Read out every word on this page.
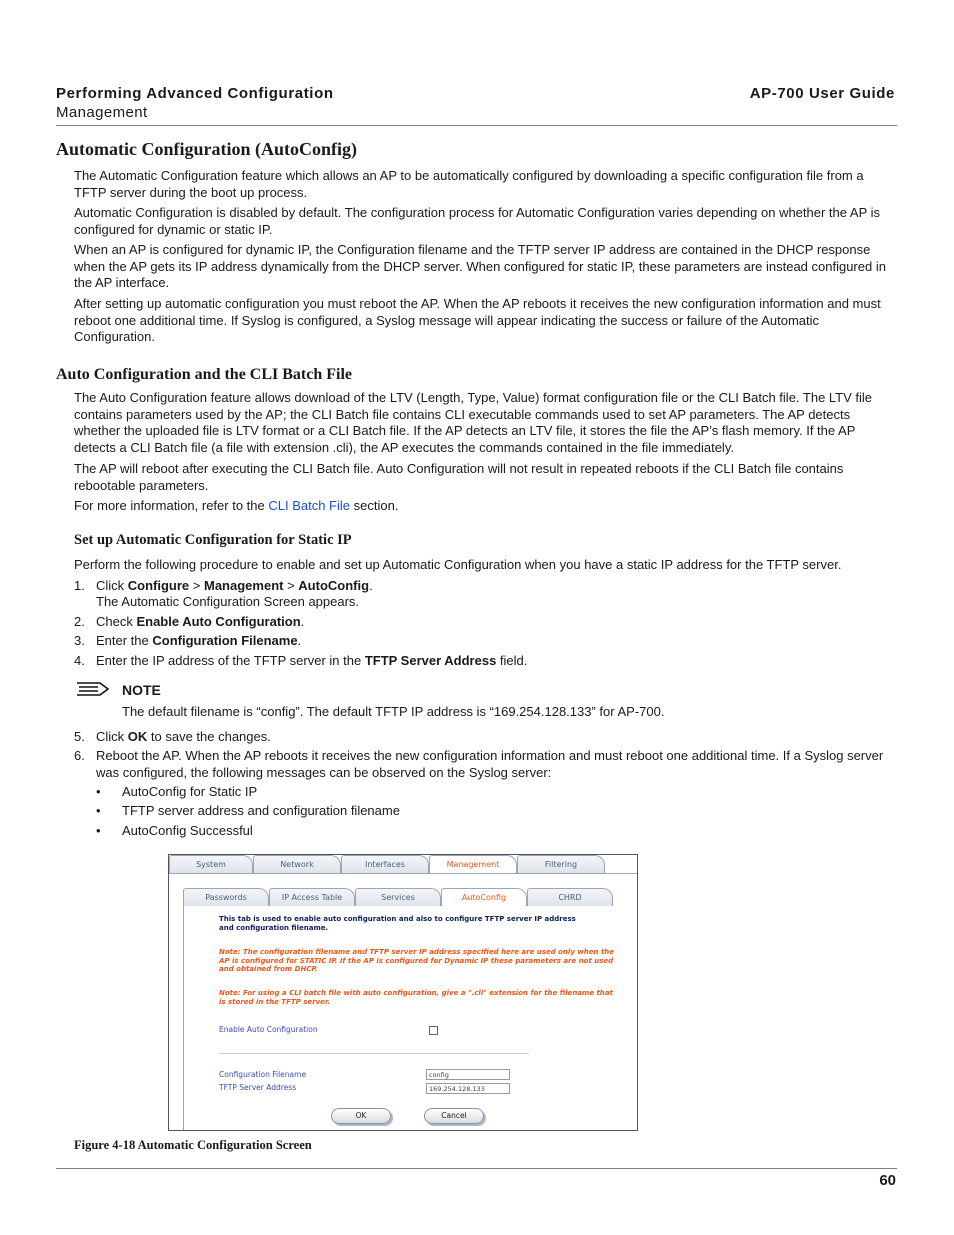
Performing Advanced Configuration
Management
AP-700 User Guide
Automatic Configuration (AutoConfig)

The Automatic Configuration feature which allows an AP to be automatically configured by downloading a specific configuration file from a TFTP server during the boot up process.

Automatic Configuration is disabled by default. The configuration process for Automatic Configuration varies depending on whether the AP is configured for dynamic or static IP.

When an AP is configured for dynamic IP, the Configuration filename and the TFTP server IP address are contained in the DHCP response when the AP gets its IP address dynamically from the DHCP server. When configured for static IP, these parameters are instead configured in the AP interface.

After setting up automatic configuration you must reboot the AP. When the AP reboots it receives the new configuration information and must reboot one additional time. If Syslog is configured, a Syslog message will appear indicating the success or failure of the Automatic Configuration.

Auto Configuration and the CLI Batch File

The Auto Configuration feature allows download of the LTV (Length, Type, Value) format configuration file or the CLI Batch file. The LTV file contains parameters used by the AP; the CLI Batch file contains CLI executable commands used to set AP parameters. The AP detects whether the uploaded file is LTV format or a CLI Batch file. If the AP detects an LTV file, it stores the file the AP’s flash memory. If the AP detects a CLI Batch file (a file with extension .cli), the AP executes the commands contained in the file immediately.

The AP will reboot after executing the CLI Batch file. Auto Configuration will not result in repeated reboots if the CLI Batch file contains rebootable parameters.

For more information, refer to the CLI Batch File section.

Set up Automatic Configuration for Static IP

Perform the following procedure to enable and set up Automatic Configuration when you have a static IP address for the TFTP server.

1. Click Configure > Management > AutoConfig.
The Automatic Configuration Screen appears.
2. Check Enable Auto Configuration.
3. Enter the Configuration Filename.
4. Enter the IP address of the TFTP server in the TFTP Server Address field.
NOTE
The default filename is “config”. The default TFTP IP address is “169.254.128.133” for AP-700.
5. Click OK to save the changes.
6. Reboot the AP. When the AP reboots it receives the new configuration information and must reboot one additional time. If a Syslog server was configured, the following messages can be observed on the Syslog server:
• AutoConfig for Static IP
• TFTP server address and configuration filename
• AutoConfig Successful
System	Network	Interfaces	Management	Filtering
Passwords	IP Access Table	Services	AutoConfig	CHRD
This tab is used to enable auto configuration and also to configure TFTP server IP address and configuration filename.
Note: The configuration filename and TFTP server IP address specified here are used only when the AP is configured for STATIC IP. If the AP is configured for Dynamic IP these parameters are not used and obtained from DHCP.
Note: For using a CLI batch file with auto configuration, give a ".cli" extension for the filename that is stored in the TFTP server.
Enable Auto Configuration
Configuration Filename	config
TFTP Server Address	169.254.128.133
OK	Cancel
Figure 4-18 Automatic Configuration Screen
60
